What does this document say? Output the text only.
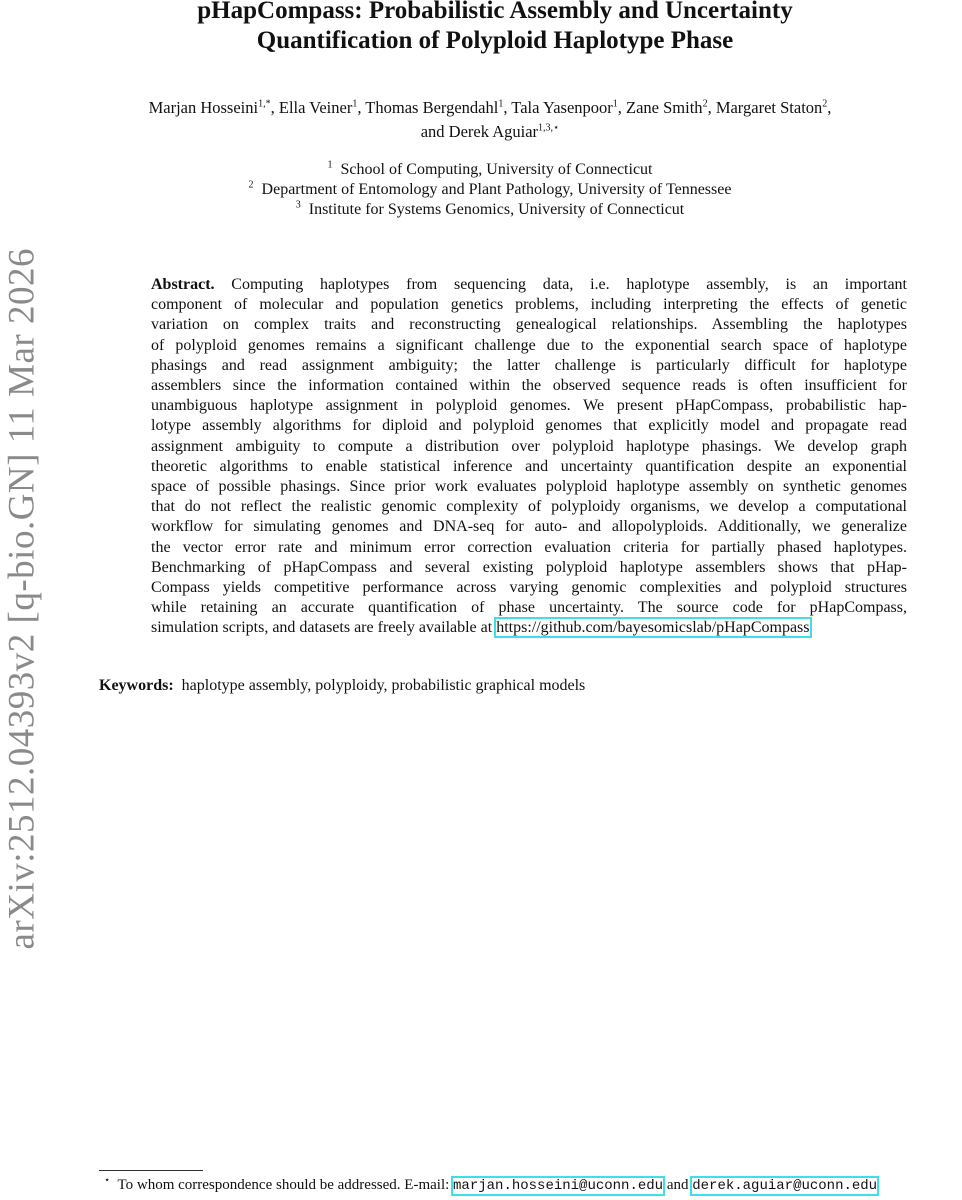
arXiv:2512.04393v2 [q-bio.GN] 11 Mar 2026
pHapCompass: Probabilistic Assembly and Uncertainty
Quantification of Polyploid Haplotype Phase
Marjan Hosseini$^{1,*}$, Ella Veiner$^1$, Thomas Bergendahl$^1$, Tala Yasenpoor$^1$, Zane Smith$^2$, Margaret Staton$^2$,
and Derek Aguiar$^{1,3,⋆}$
$^1$ School of Computing, University of Connecticut
$^2$ Department of Entomology and Plant Pathology, University of Tennessee
$^3$ Institute for Systems Genomics, University of Connecticut
Abstract. Computing haplotypes from sequencing data, i.e. haplotype assembly, is an important
component of molecular and population genetics problems, including interpreting the effects of genetic
variation on complex traits and reconstructing genealogical relationships. Assembling the haplotypes
of polyploid genomes remains a significant challenge due to the exponential search space of haplotype
phasings and read assignment ambiguity; the latter challenge is particularly difficult for haplotype
assemblers since the information contained within the observed sequence reads is often insufficient for
unambiguous haplotype assignment in polyploid genomes. We present pHapCompass, probabilistic hap-
lotype assembly algorithms for diploid and polyploid genomes that explicitly model and propagate read
assignment ambiguity to compute a distribution over polyploid haplotype phasings. We develop graph
theoretic algorithms to enable statistical inference and uncertainty quantification despite an exponential
space of possible phasings. Since prior work evaluates polyploid haplotype assembly on synthetic genomes
that do not reflect the realistic genomic complexity of polyploidy organisms, we develop a computational
workflow for simulating genomes and DNA-seq for auto- and allopolyploids. Additionally, we generalize
the vector error rate and minimum error correction evaluation criteria for partially phased haplotypes.
Benchmarking of pHapCompass and several existing polyploid haplotype assemblers shows that pHap-
Compass yields competitive performance across varying genomic complexities and polyploid structures
while retaining an accurate quantification of phase uncertainty. The source code for pHapCompass,
simulation scripts, and datasets are freely available at https://github.com/bayesomicslab/pHapCompass
Keywords: haplotype assembly, polyploidy, probabilistic graphical models
⋆ To whom correspondence should be addressed. E-mail: marjan.hosseini@uconn.edu and derek.aguiar@uconn.edu
